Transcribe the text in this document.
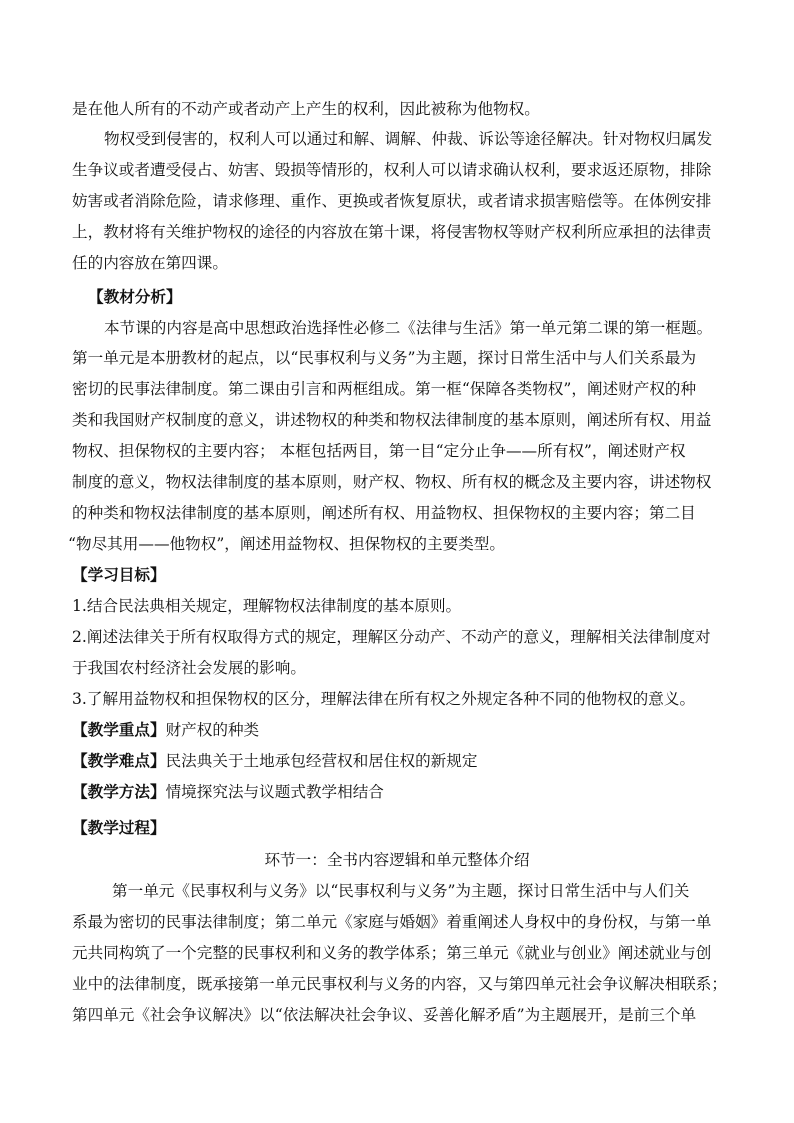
是在他人所有的不动产或者动产上产生的权利，因此被称为他物权。
物权受到侵害的，权利人可以通过和解、调解、仲裁、诉讼等途径解决。针对物权归属发
生争议或者遭受侵占、妨害、毁损等情形的，权利人可以请求确认权利，要求返还原物，排除
妨害或者消除危险，请求修理、重作、更换或者恢复原状，或者请求损害赔偿等。在体例安排
上，教材将有关维护物权的途径的内容放在第十课，将侵害物权等财产权利所应承担的法律责
任的内容放在第四课。
【教材分析】
本节课的内容是高中思想政治选择性必修二《法律与生活》第一单元第二课的第一框题。
第一单元是本册教材的起点，以“民事权利与义务”为主题，探讨日常生活中与人们关系最为
密切的民事法律制度。第二课由引言和两框组成。第一框“保障各类物权”，阐述财产权的种
类和我国财产权制度的意义，讲述物权的种类和物权法律制度的基本原则，阐述所有权、用益
物权、担保物权的主要内容； 本框包括两目，第一目“定分止争——所有权”，阐述财产权
制度的意义，物权法律制度的基本原则，财产权、物权、所有权的概念及主要内容，讲述物权
的种类和物权法律制度的基本原则，阐述所有权、用益物权、担保物权的主要内容；第二目
“物尽其用——他物权”，阐述用益物权、担保物权的主要类型。
【学习目标】
1.结合民法典相关规定，理解物权法律制度的基本原则。
2.阐述法律关于所有权取得方式的规定，理解区分动产、不动产的意义，理解相关法律制度对
于我国农村经济社会发展的影响。
3.了解用益物权和担保物权的区分，理解法律在所有权之外规定各种不同的他物权的意义。
【教学重点】财产权的种类
【教学难点】民法典关于土地承包经营权和居住权的新规定
【教学方法】情境探究法与议题式教学相结合
【教学过程】
环节一：全书内容逻辑和单元整体介绍
第一单元《民事权利与义务》以“民事权利与义务”为主题，探讨日常生活中与人们关
系最为密切的民事法律制度；第二单元《家庭与婚姻》着重阐述人身权中的身份权，与第一单
元共同构筑了一个完整的民事权利和义务的教学体系；第三单元《就业与创业》阐述就业与创
业中的法律制度，既承接第一单元民事权利与义务的内容，又与第四单元社会争议解决相联系；
第四单元《社会争议解决》以“依法解决社会争议、妥善化解矛盾”为主题展开，是前三个单
